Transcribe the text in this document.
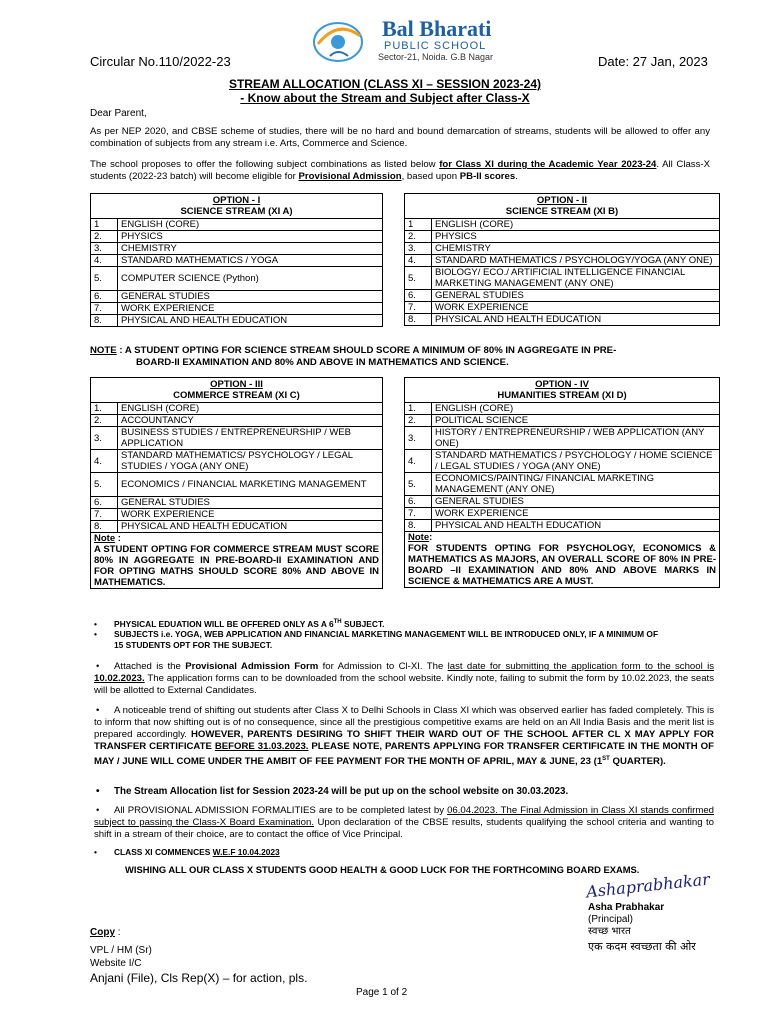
Bal Bharati
PUBLIC SCHOOL
Sector-21, Noida. G.B Nagar
Circular No.110/2022-23	Date: 27 Jan, 2023
STREAM ALLOCATION (CLASS XI – SESSION 2023-24)
- Know about the Stream and Subject after Class-X
Dear Parent,
As per NEP 2020, and CBSE scheme of studies, there will be no hard and bound demarcation of streams, students will be allowed to offer any combination of subjects from any stream i.e. Arts, Commerce and Science.
The school proposes to offer the following subject combinations as listed below for Class XI during the Academic Year 2023-24. All Class-X students (2022-23 batch) will become eligible for Provisional Admission, based upon PB-II scores.
OPTION - I
SCIENCE STREAM (XI A)	

1	ENGLISH (CORE)
2.	PHYSICS
3.	CHEMISTRY
4.	STANDARD MATHEMATICS / YOGA
5.	COMPUTER SCIENCE (Python)
6.	GENERAL STUDIES
7.	WORK EXPERIENCE
8.	PHYSICAL AND HEALTH EDUCATION
OPTION - II
SCIENCE STREAM (XI B)	

1	ENGLISH (CORE)
2.	PHYSICS
3.	CHEMISTRY
4.	STANDARD MATHEMATICS / PSYCHOLOGY/YOGA (ANY ONE)
5.	BIOLOGY/ ECO./ ARTIFICIAL INTELLIGENCE FINANCIAL MARKETING MANAGEMENT (ANY ONE)
6.	GENERAL STUDIES
7.	WORK EXPERIENCE
8.	PHYSICAL AND HEALTH EDUCATION
NOTE : A STUDENT OPTING FOR SCIENCE STREAM SHOULD SCORE A MINIMUM OF 80% IN AGGREGATE IN PRE-
BOARD-II EXAMINATION AND 80% AND ABOVE IN MATHEMATICS AND SCIENCE.
OPTION - III
COMMERCE STREAM (XI C)	

1.	ENGLISH (CORE)
2.	ACCOUNTANCY
3.	BUSINESS STUDIES / ENTREPRENEURSHIP / WEB APPLICATION
4.	STANDARD MATHEMATICS/ PSYCHOLOGY / LEGAL STUDIES / YOGA (ANY ONE)
5.	ECONOMICS / FINANCIAL MARKETING MANAGEMENT
6.	GENERAL STUDIES
7.	WORK EXPERIENCE
8.	PHYSICAL AND HEALTH EDUCATION
Note :
A STUDENT OPTING FOR COMMERCE STREAM MUST SCORE 80% IN AGGREGATE IN PRE-BOARD-II EXAMINATION AND FOR OPTING MATHS SHOULD SCORE 80% AND ABOVE IN MATHEMATICS.	
OPTION - IV
HUMANITIES STREAM (XI D)	

1.	ENGLISH (CORE)
2.	POLITICAL SCIENCE
3.	HISTORY / ENTREPRENEURSHIP / WEB APPLICATION (ANY ONE)
4.	STANDARD MATHEMATICS / PSYCHOLOGY / HOME SCIENCE / LEGAL STUDIES / YOGA (ANY ONE)
5.	ECONOMICS/PAINTING/ FINANCIAL MARKETING MANAGEMENT (ANY ONE)
6.	GENERAL STUDIES
7.	WORK EXPERIENCE
8.	PHYSICAL AND HEALTH EDUCATION
Note:
FOR STUDENTS OPTING FOR PSYCHOLOGY, ECONOMICS & MATHEMATICS AS MAJORS, AN OVERALL SCORE OF 80% IN PRE-BOARD –II EXAMINATION AND 80% AND ABOVE MARKS IN SCIENCE & MATHEMATICS ARE A MUST.	
• PHYSICAL EDUATION WILL BE OFFERED ONLY AS A 6TH SUBJECT.
• SUBJECTS i.e. YOGA, WEB APPLICATION AND FINANCIAL MARKETING MANAGEMENT WILL BE INTRODUCED ONLY, IF A MINIMUM OF
15 STUDENTS OPT FOR THE SUBJECT.
• Attached is the Provisional Admission Form for Admission to Cl-XI. The last date for submitting the application form to the school is 10.02.2023. The application forms can to be downloaded from the school website. Kindly note, failing to submit the form by 10.02.2023, the seats will be allotted to External Candidates.
• A noticeable trend of shifting out students after Class X to Delhi Schools in Class XI which was observed earlier has faded completely. This is to inform that now shifting out is of no consequence, since all the prestigious competitive exams are held on an All India Basis and the merit list is prepared accordingly. HOWEVER, PARENTS DESIRING TO SHIFT THEIR WARD OUT OF THE SCHOOL AFTER CL X MAY APPLY FOR TRANSFER CERTIFICATE BEFORE 31.03.2023. PLEASE NOTE, PARENTS APPLYING FOR TRANSFER CERTIFICATE IN THE MONTH OF MAY / JUNE WILL COME UNDER THE AMBIT OF FEE PAYMENT FOR THE MONTH OF APRIL, MAY & JUNE, 23 (1ST QUARTER).
• The Stream Allocation list for Session 2023-24 will be put up on the school website on 30.03.2023.
• All PROVISIONAL ADMISSION FORMALITIES are to be completed latest by 06.04.2023. The Final Admission in Class XI stands confirmed subject to passing the Class-X Board Examination. Upon declaration of the CBSE results, students qualifying the school criteria and wanting to shift in a stream of their choice, are to contact the office of Vice Principal.
• CLASS XI COMMENCES W.E.F 10.04.2023
WISHING ALL OUR CLASS X STUDENTS GOOD HEALTH & GOOD LUCK FOR THE FORTHCOMING BOARD EXAMS.
Ashaprabhakar
Asha Prabhakar
(Principal)
स्वच्छ भारत
एक कदम स्वच्छता की ओर
Copy :
VPL / HM (Sr)
Website I/C
Anjani (File), Cls Rep(X) – for action, pls.
Page 1 of 2
